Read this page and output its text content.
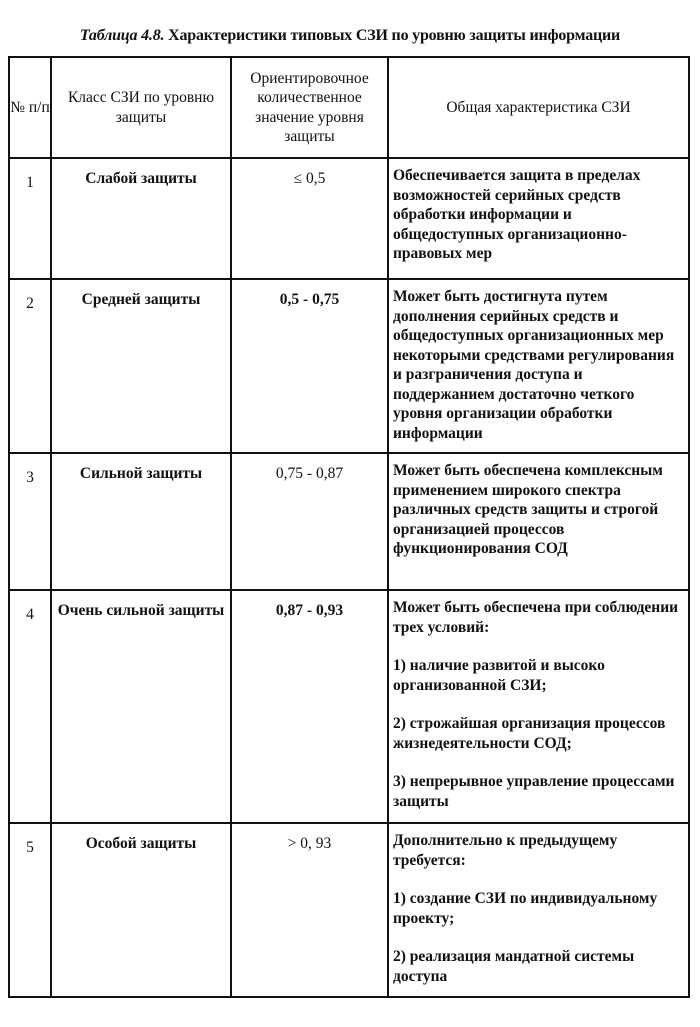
Таблица 4.8. Характеристики типовых СЗИ по уровню защиты информации
№ п/п	Класс СЗИ по уровню защиты	Ориентировочное количественное значение уровня защиты	Общая характеристика СЗИ
1	Слабой защиты	≤ 0,5	Обеспечивается защита в пределах возможностей серийных средств обработки информации и общедоступных организационно-правовых мер

2	Средней защиты	0,5 - 0,75	Может быть достигнута путем дополнения серийных средств и общедоступных организационных мер некоторыми средствами регулирования и разграничения доступа и поддержанием достаточно четкого уровня организации обработки информации

3	Сильной защиты	0,75 - 0,87	Может быть обеспечена комплексным применением широкого спектра различных средств защиты и строгой организацией процессов функционирования СОД

4	Очень сильной защиты	0,87 - 0,93	Может быть обеспечена при соблюдении трех условий:
1) наличие развитой и высоко организованной СЗИ;
2) строжайшая организация процессов жизнедеятельности СОД;
3) непрерывное управление процессами защиты

5	Особой защиты	> 0, 93	Дополнительно к предыдущему требуется:
1) создание СЗИ по индивидуальному проекту;
2) реализация мандатной системы доступа
